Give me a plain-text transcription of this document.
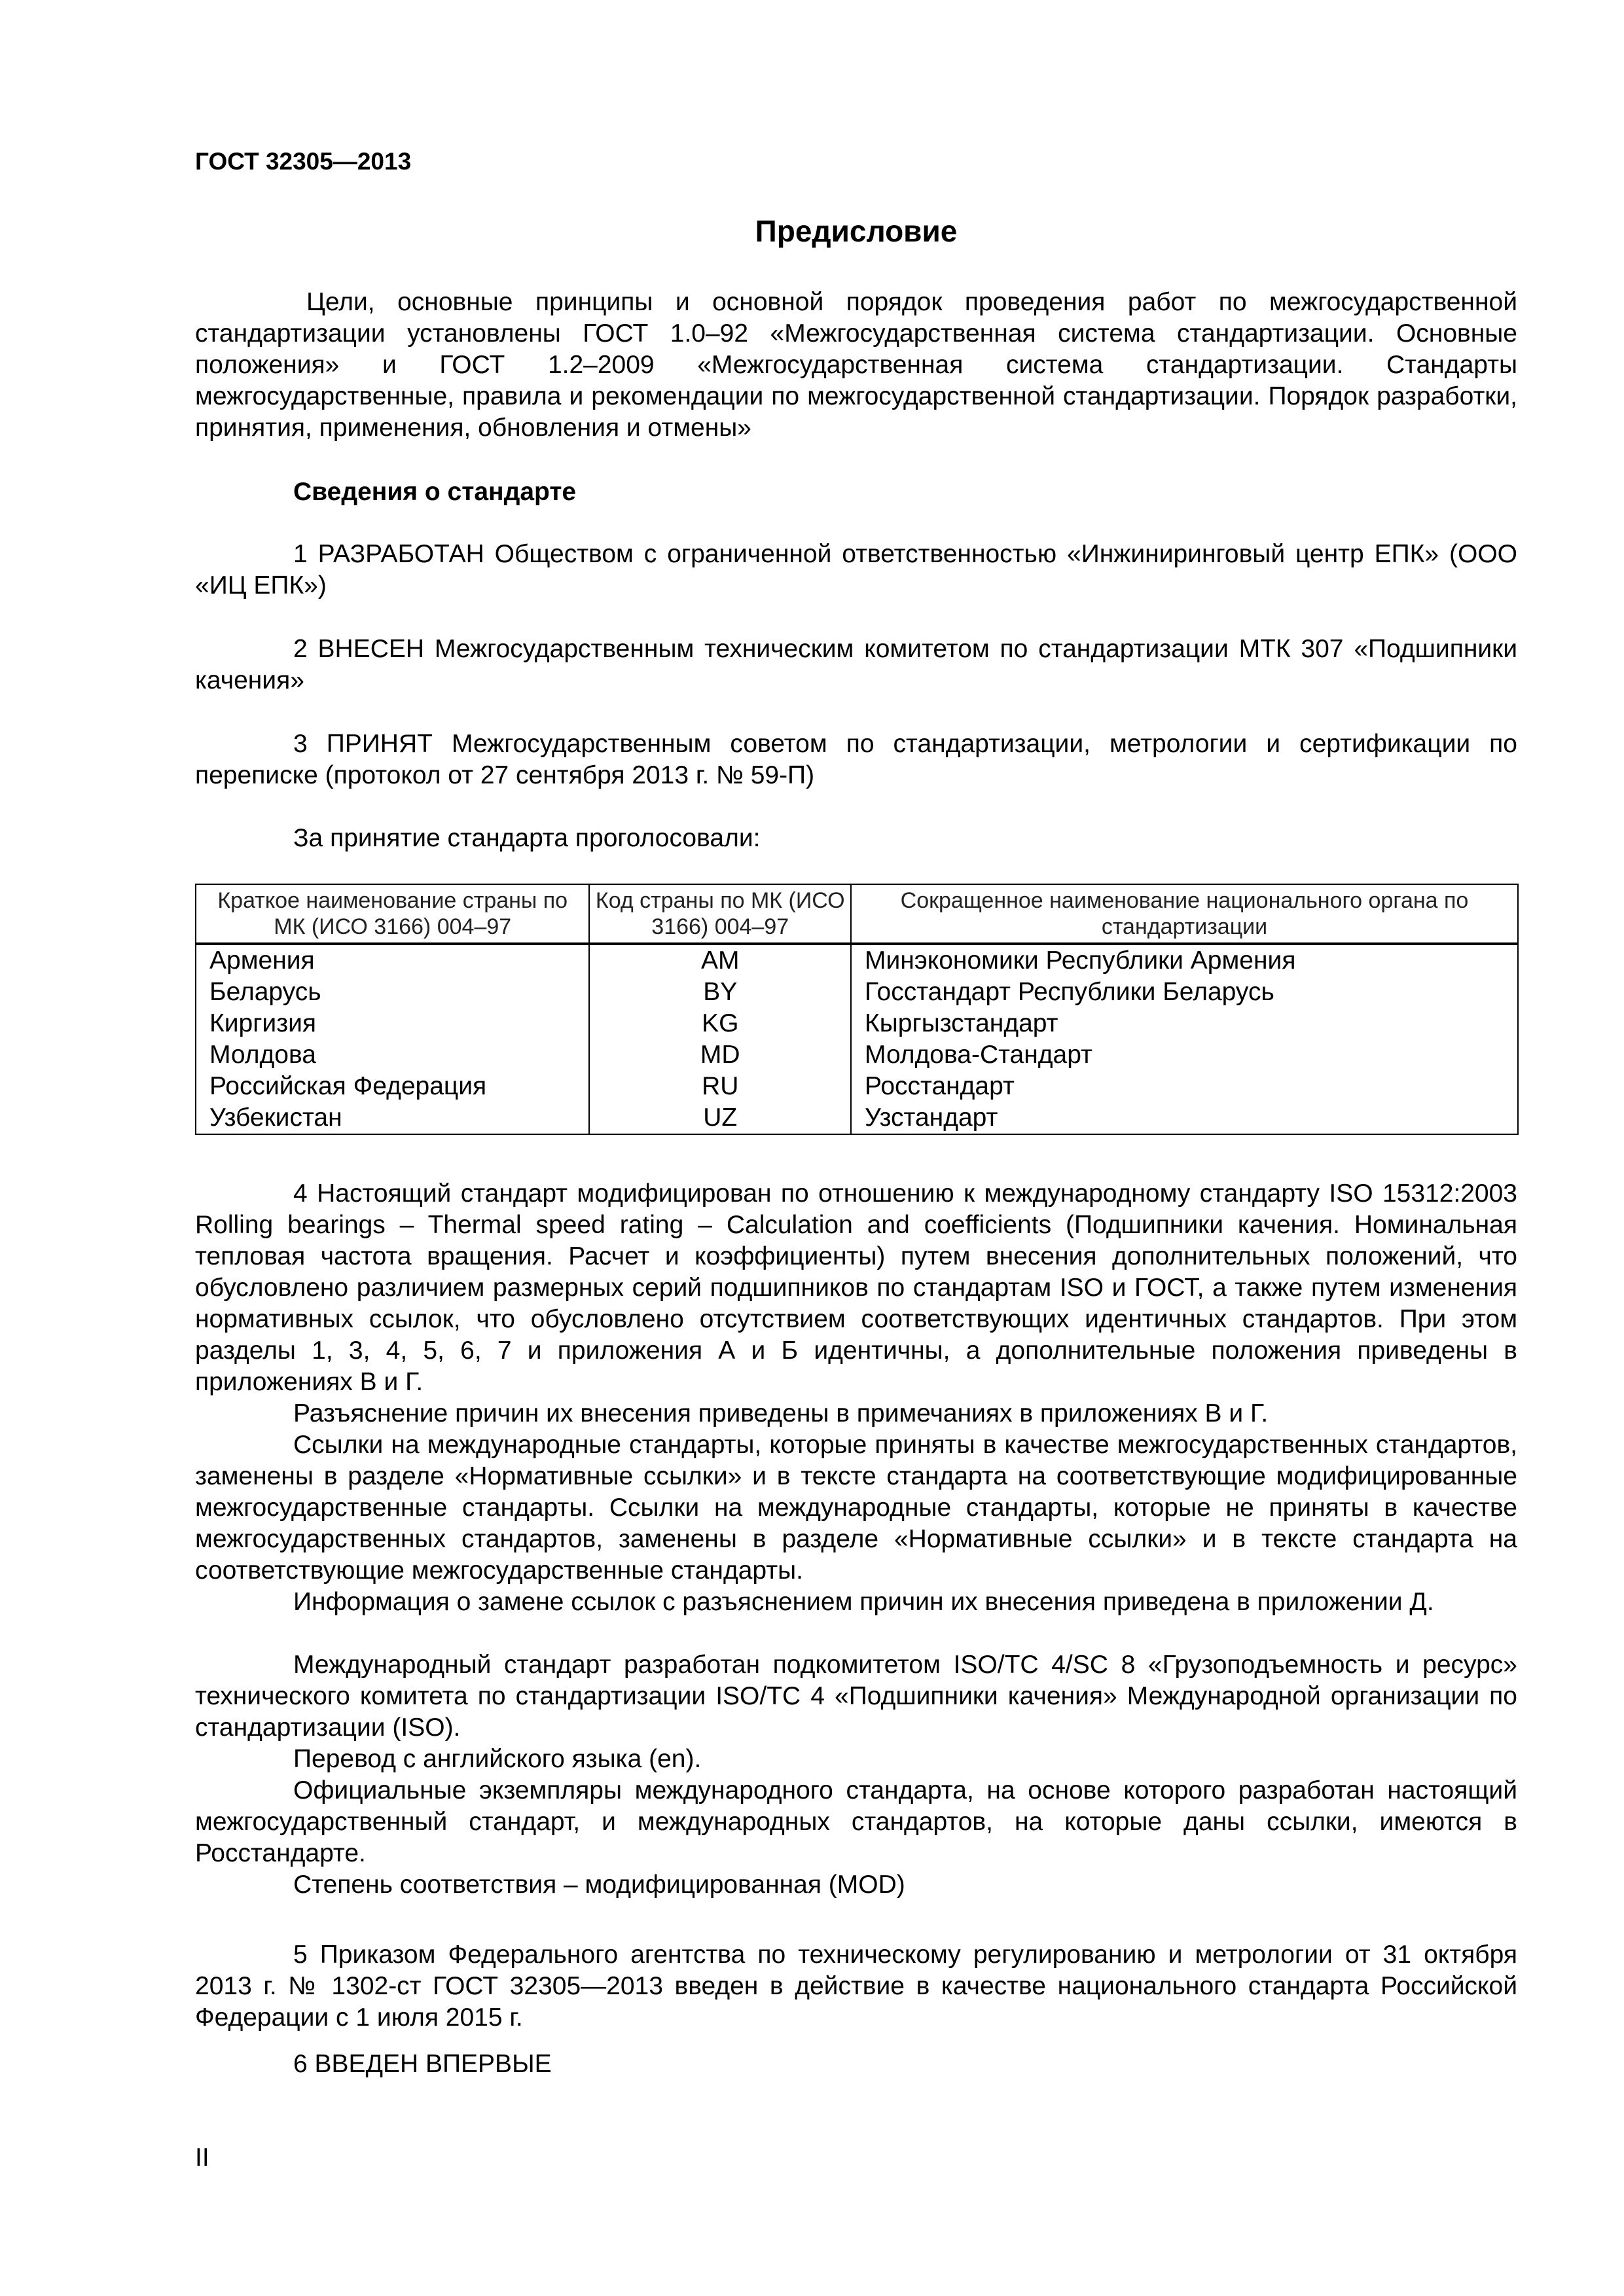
ГОСТ 32305—2013

Предисловие

Цели, основные принципы и основной порядок проведения работ по межгосударственной стандартизации установлены ГОСТ 1.0–92 «Межгосударственная система стандартизации. Основные положения» и ГОСТ 1.2–2009 «Межгосударственная система стандартизации. Стандарты межгосударственные, правила и рекомендации по межгосударственной стандартизации. Порядок разработки, принятия, применения, обновления и отмены»

Сведения о стандарте

1 РАЗРАБОТАН Обществом с ограниченной ответственностью «Инжиниринговый центр ЕПК» (ООО «ИЦ ЕПК»)

2 ВНЕСЕН Межгосударственным техническим комитетом по стандартизации МТК 307 «Подшипники качения»

3 ПРИНЯТ Межгосударственным советом по стандартизации, метрологии и сертификации по переписке (протокол от 27 сентября 2013 г. № 59-П)

За принятие стандарта проголосовали:

Краткое наименование страны по МК (ИСО 3166) 004–97	Код страны по МК (ИСО 3166) 004–97	Сокращенное наименование национального органа по стандартизации
Армения	AM	Минэкономики Республики Армения
Беларусь	BY	Госстандарт Республики Беларусь
Киргизия	KG	Кыргызстандарт
Молдова	MD	Молдова-Стандарт
Российская Федерация	RU	Росстандарт
Узбекистан	UZ	Узстандарт

4 Настоящий стандарт модифицирован по отношению к международному стандарту ISO 15312:2003 Rolling bearings – Thermal speed rating – Calculation and coefficients (Подшипники качения. Номинальная тепловая частота вращения. Расчет и коэффициенты) путем внесения дополнительных положений, что обусловлено различием размерных серий подшипников по стандартам ISO и ГОСТ, а также путем изменения нормативных ссылок, что обусловлено отсутствием соответствующих идентичных стандартов. При этом разделы 1, 3, 4, 5, 6, 7 и приложения А и Б идентичны, а дополнительные положения приведены в приложениях В и Г.

Разъяснение причин их внесения приведены в примечаниях в приложениях В и Г.

Ссылки на международные стандарты, которые приняты в качестве межгосударственных стандартов, заменены в разделе «Нормативные ссылки» и в тексте стандарта на соответствующие модифицированные межгосударственные стандарты. Ссылки на международные стандарты, которые не приняты в качестве межгосударственных стандартов, заменены в разделе «Нормативные ссылки» и в тексте стандарта на соответствующие межгосударственные стандарты.

Информация о замене ссылок с разъяснением причин их внесения приведена в приложении Д.

Международный стандарт разработан подкомитетом ISO/TC 4/SC 8 «Грузоподъемность и ресурс» технического комитета по стандартизации ISO/TC 4 «Подшипники качения» Международной организации по стандартизации (ISO).

Перевод с английского языка (en).

Официальные экземпляры международного стандарта, на основе которого разработан настоящий межгосударственный стандарт, и международных стандартов, на которые даны ссылки, имеются в Росстандарте.

Степень соответствия – модифицированная (MOD)

5 Приказом Федерального агентства по техническому регулированию и метрологии от 31 октября 2013 г. № 1302-ст ГОСТ 32305—2013 введен в действие в качестве национального стандарта Российской Федерации с 1 июля 2015 г.

6 ВВЕДЕН ВПЕРВЫЕ

II
